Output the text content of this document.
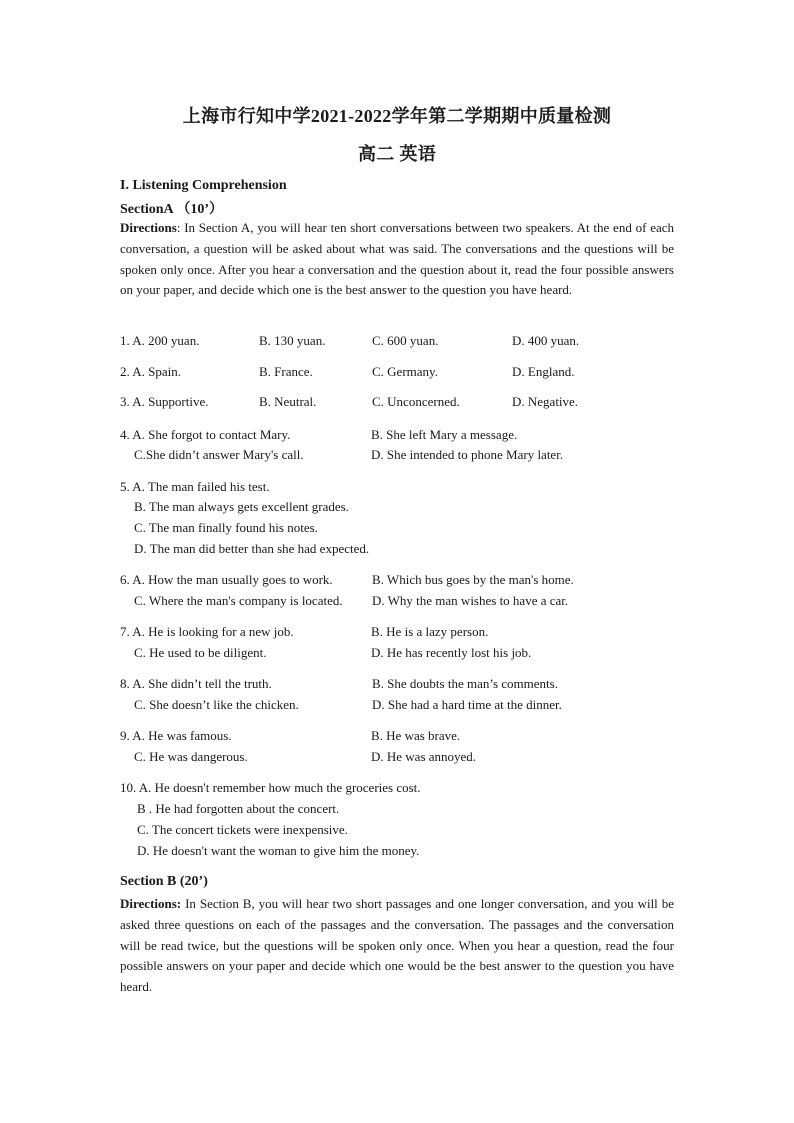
上海市行知中学2021-2022学年第二学期期中质量检测
高二 英语
I. Listening Comprehension
SectionA （10’）
Directions: In Section A, you will hear ten short conversations between two speakers. At the end of each conversation, a question will be asked about what was said. The conversations and the questions will be spoken only once. After you hear a conversation and the question about it, read the four possible answers on your paper, and decide which one is the best answer to the question you have heard.
1. A. 200 yuan.	B. 130 yuan.	C. 600 yuan.	D. 400 yuan.
2. A. Spain.	B. France.	C. Germany.	D. England.
3. A. Supportive.	B. Neutral.	C. Unconcerned.	D. Negative.
4. A. She forgot to contact Mary.	B. She left Mary a message.
C.She didn’t answer Mary's call.	D. She intended to phone Mary later.
5. A. The man failed his test.
B. The man always gets excellent grades.
C. The man finally found his notes.
D. The man did better than she had expected.
6. A. How the man usually goes to work.	B. Which bus goes by the man's home.
C. Where the man's company is located. D. Why the man wishes to have a car.
7. A. He is looking for a new job.	B. He is a lazy person.
C. He used to be diligent.	D. He has recently lost his job.
8. A. She didn’t tell the truth.	B. She doubts the man’s comments.
C. She doesn’t like the chicken.	D. She had a hard time at the dinner.
9. A. He was famous.	B. He was brave.
C. He was dangerous.	D. He was annoyed.
10. A. He doesn't remember how much the groceries cost.
B . He had forgotten about the concert.
C. The concert tickets were inexpensive.
D. He doesn't want the woman to give him the money.
Section B (20’)
Directions: In Section B, you will hear two short passages and one longer conversation, and you will be asked three questions on each of the passages and the conversation. The passages and the conversation will be read twice, but the questions will be spoken only once. When you hear a question, read the four possible answers on your paper and decide which one would be the best answer to the question you have heard.
